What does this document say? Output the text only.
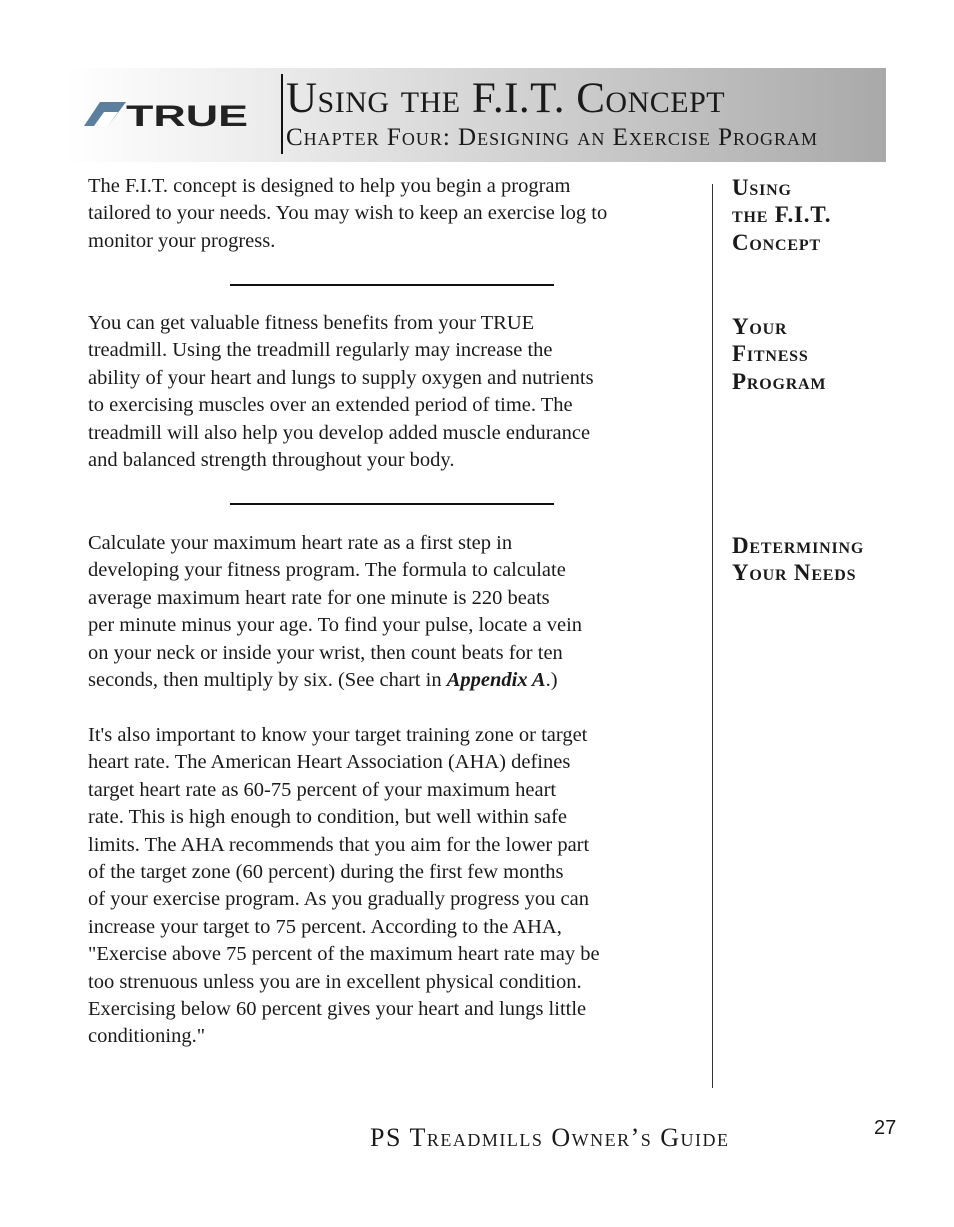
TRUE Using the F.I.T. Concept
Chapter Four: Designing an Exercise Program
Using
the F.I.T.
Concept

The F.I.T. concept is designed to help you begin a program
tailored to your needs. You may wish to keep an exercise log to
monitor your progress.

Your
Fitness
Program

You can get valuable fitness benefits from your TRUE
treadmill. Using the treadmill regularly may increase the
ability of your heart and lungs to supply oxygen and nutrients
to exercising muscles over an extended period of time. The
treadmill will also help you develop added muscle endurance
and balanced strength throughout your body.

Determining
Your Needs

Calculate your maximum heart rate as a first step in
developing your fitness program. The formula to calculate
average maximum heart rate for one minute is 220 beats
per minute minus your age. To find your pulse, locate a vein
on your neck or inside your wrist, then count beats for ten
seconds, then multiply by six. (See chart in Appendix A.)

It's also important to know your target training zone or target
heart rate. The American Heart Association (AHA) defines
target heart rate as 60-75 percent of your maximum heart
rate. This is high enough to condition, but well within safe
limits. The AHA recommends that you aim for the lower part
of the target zone (60 percent) during the first few months
of your exercise program. As you gradually progress you can
increase your target to 75 percent. According to the AHA,
"Exercise above 75 percent of the maximum heart rate may be
too strenuous unless you are in excellent physical condition.
Exercising below 60 percent gives your heart and lungs little
conditioning."

PS Treadmills Owner’s Guide	27
